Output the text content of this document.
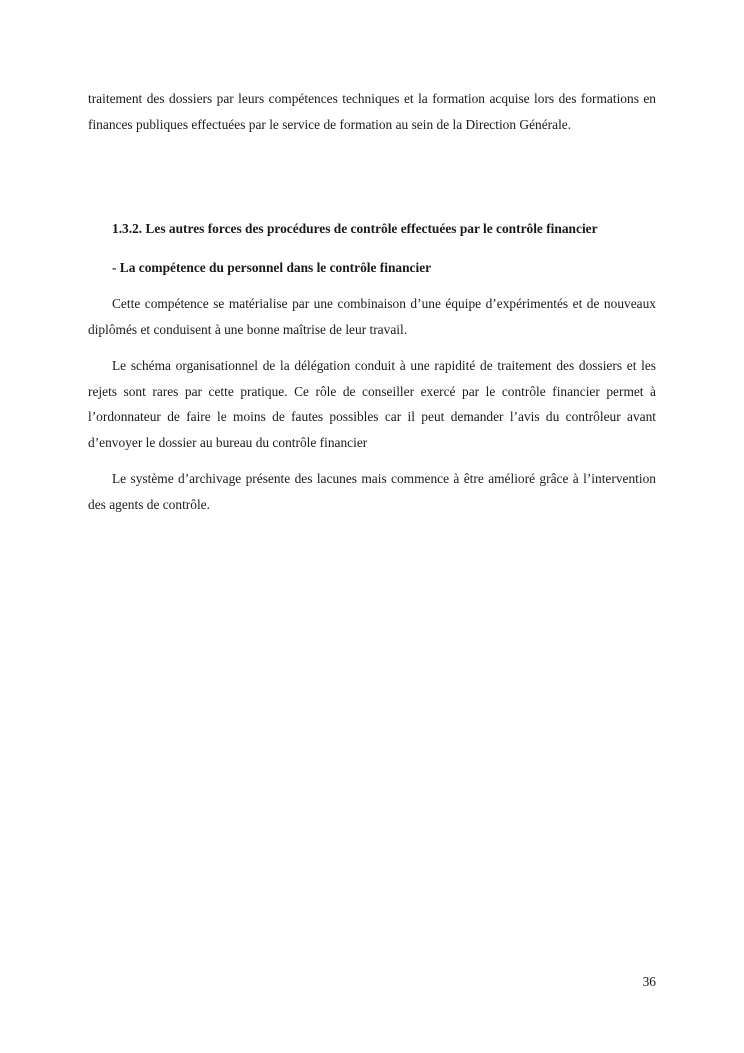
traitement des dossiers par leurs compétences techniques et la formation acquise lors des formations en finances publiques effectuées par le service de formation au sein de la Direction Générale.

1.3.2. Les autres forces des procédures de contrôle effectuées par le contrôle financier

- La compétence du personnel dans le contrôle financier

Cette compétence se matérialise par une combinaison d’une équipe d’expérimentés et de nouveaux diplômés et conduisent à une bonne maîtrise de leur travail.

Le schéma organisationnel de la délégation conduit à une rapidité de traitement des dossiers et les rejets sont rares par cette pratique. Ce rôle de conseiller exercé par le contrôle financier permet à l’ordonnateur de faire le moins de fautes possibles car il peut demander l’avis du contrôleur avant d’envoyer le dossier au bureau du contrôle financier

Le système d’archivage présente des lacunes mais commence à être amélioré grâce à l’intervention des agents de contrôle.

36
